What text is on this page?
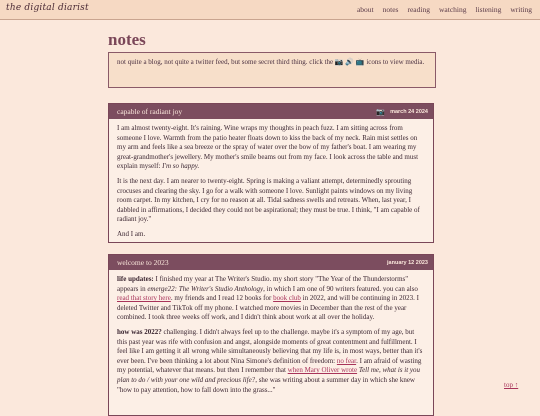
the digital diarist	about notes reading watching listening writing
notes
not quite a blog, not quite a twitter feed, but some secret third thing. click the 📷 🔊 📺 icons to view media.
capable of radiant joy	📷 march 24 2024

I am almost twenty-eight. It's raining. Wine wraps my thoughts in peach fuzz. I am sitting across from someone I love. Warmth from the patio heater floats down to kiss the back of my neck. Rain mist settles on my arm and feels like a sea breeze or the spray of water over the bow of my father's boat. I am wearing my great-grandmother's jewellery. My mother's smile beams out from my face. I look across the table and must explain myself: I'm so happy.

It is the next day. I am nearer to twenty-eight. Spring is making a valiant attempt, determinedly sprouting crocuses and clearing the sky. I go for a walk with someone I love. Sunlight paints windows on my living room carpet. In my kitchen, I cry for no reason at all. Tidal sadness swells and retreats. When, last year, I dabbled in affirmations, I decided they could not be aspirational; they must be true. I think, "I am capable of radiant joy."

And I am.

welcome to 2023	january 12 2023

life updates: I finished my year at The Writer's Studio. my short story "The Year of the Thunderstorms" appears in emerge22: The Writer's Studio Anthology, in which I am one of 90 writers featured. you can also read that story here. my friends and I read 12 books for book club in 2022, and will be continuing in 2023. I deleted Twitter and TikTok off my phone. I watched more movies in December than the rest of the year combined. I took three weeks off work, and I didn't think about work at all over the holiday.

how was 2022? challenging. I didn't always feel up to the challenge. maybe it's a symptom of my age, but this past year was rife with confusion and angst, alongside moments of great contentment and fulfillment. I feel like I am getting it all wrong while simultaneously believing that my life is, in most ways, better than it's ever been. I've been thinking a lot about Nina Simone's definition of freedom: no fear. I am afraid of wasting my potential, whatever that means. but then I remember that when Mary Oliver wrote Tell me, what is it you plan to do / with your one wild and precious life?, she was writing about a summer day in which she knew "how to pay attention, how to fall down into the grass..."

top ↑
